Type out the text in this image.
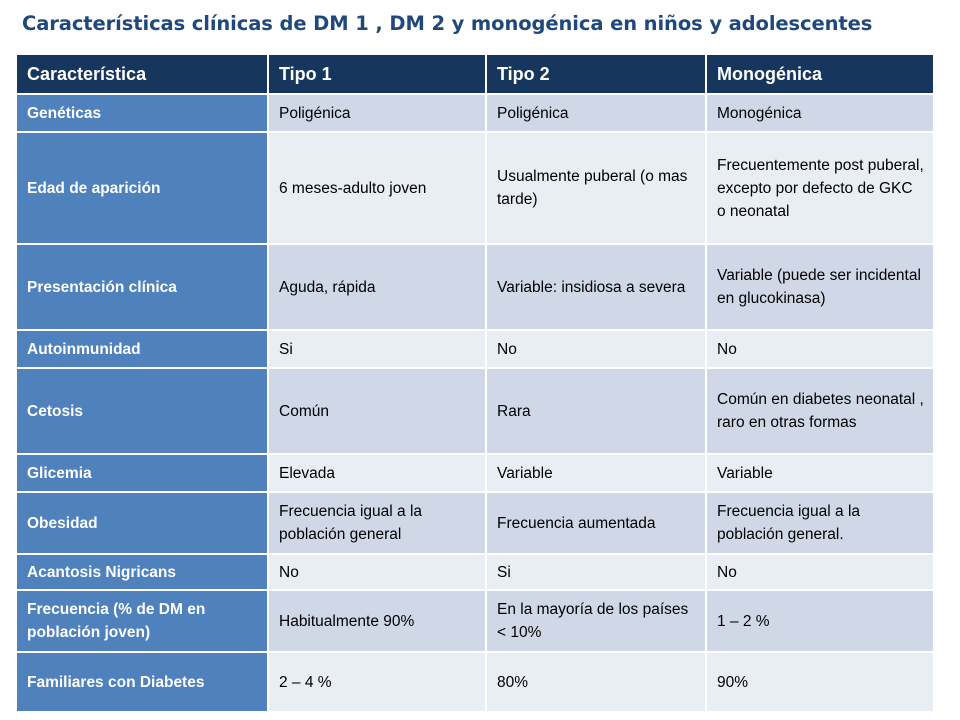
Características clínicas de DM 1 , DM 2 y monogénica en niños y adolescentes
Característica	Tipo 1	Tipo 2	Monogénica
Genéticas	Poligénica	Poligénica	Monogénica
Edad de aparición	6 meses-adulto joven	Usualmente puberal (o mas tarde)	Frecuentemente post puberal, excepto por defecto de GKC o neonatal
Presentación clínica	Aguda, rápida	Variable: insidiosa a severa	Variable (puede ser incidental en glucokinasa)
Autoinmunidad	Si	No	No
Cetosis	Común	Rara	Común en diabetes neonatal , raro en otras formas
Glicemia	Elevada	Variable	Variable
Obesidad	Frecuencia igual a la población general	Frecuencia aumentada	Frecuencia igual a la población general.
Acantosis Nigricans	No	Si	No
Frecuencia (% de DM en población joven)	Habitualmente 90%	En la mayoría de los países < 10%	1 – 2 %
Familiares con Diabetes	2 – 4 %	80%	90%
